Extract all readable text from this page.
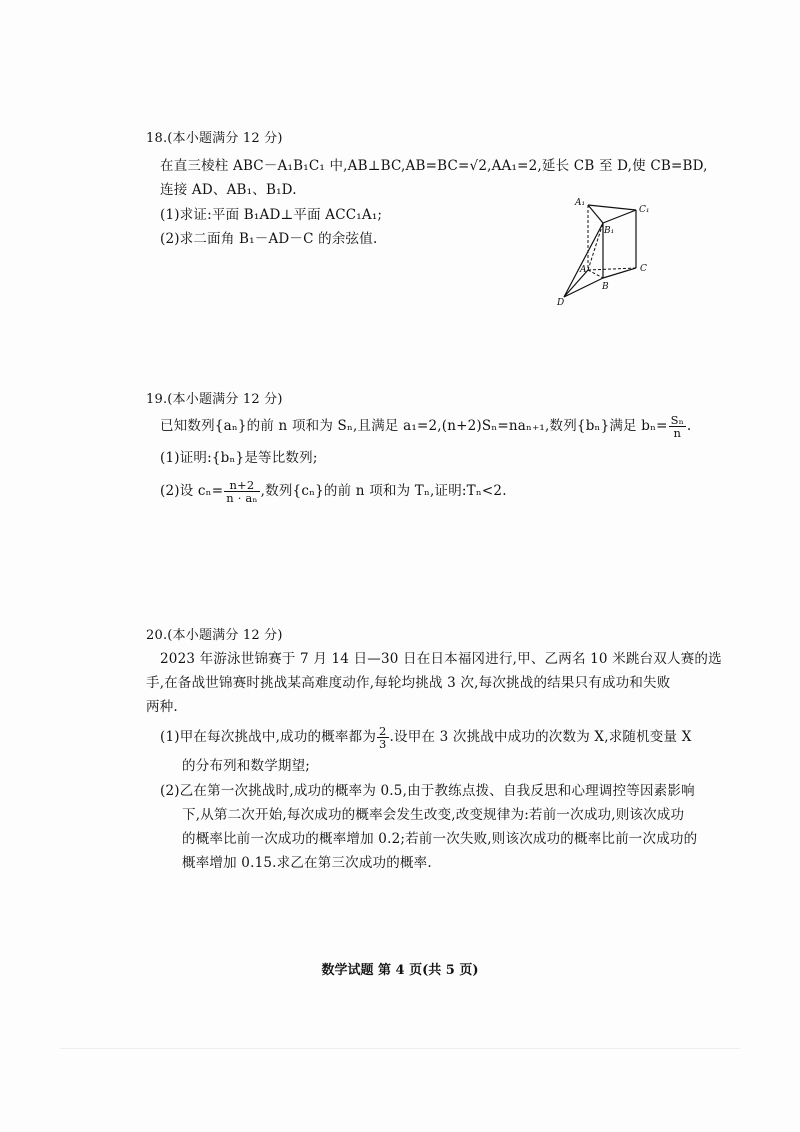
18.(本小题满分 12 分)
在直三棱柱 ABC－A₁B₁C₁ 中,AB⊥BC,AB=BC=√2,AA₁=2,延长 CB 至 D,使 CB=BD,
连接 AD、AB₁、B₁D.
(1)求证:平面 B₁AD⊥平面 ACC₁A₁;
(2)求二面角 B₁－AD－C 的余弦值.
A₁
C₁
B₁
A	C
B
D
19.(本小题满分 12 分)
已知数列{aₙ}的前 n 项和为 Sₙ,且满足 a₁=2,(n+2)Sₙ=naₙ₊₁,数列{bₙ}满足 $b_n= \frac{\text{Sₙ}}{n}$ .
(1)证明:{bₙ}是等比数列;
(2)设 $c_n= \frac{n+2}{\text{n · aₙ}}$ ,数列{cₙ}的前 n 项和为 Tₙ,证明:Tₙ<2.
20.(本小题满分 12 分)
2023 年游泳世锦赛于 7 月 14 日—30 日在日本福冈进行,甲、乙两名 10 米跳台双人赛的选
手,在备战世锦赛时挑战某高难度动作,每轮均挑战 3 次,每次挑战的结果只有成功和失败
两种.
(1)甲在每次挑战中,成功的概率都为 $\frac{2}{3}$ .设甲在 3 次挑战中成功的次数为 X,求随机变量 X
的分布列和数学期望;
(2)乙在第一次挑战时,成功的概率为 0.5,由于教练点拨、自我反思和心理调控等因素影响
下,从第二次开始,每次成功的概率会发生改变,改变规律为:若前一次成功,则该次成功
的概率比前一次成功的概率增加 0.2;若前一次失败,则该次成功的概率比前一次成功的
概率增加 0.15.求乙在第三次成功的概率.
数学试题 第 4 页(共 5 页)
